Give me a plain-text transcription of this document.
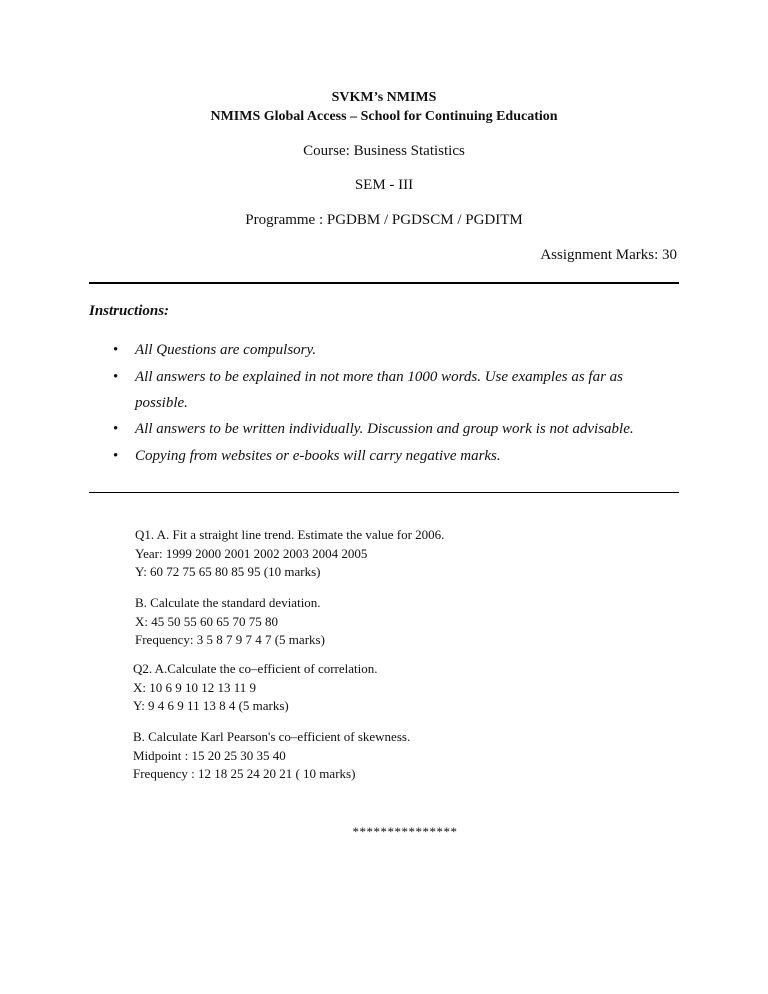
SVKM’s NMIMS
NMIMS Global Access – School for Continuing Education
Course: Business Statistics
SEM - III
Programme : PGDBM / PGDSCM / PGDITM
Assignment Marks: 30
Instructions:
• All Questions are compulsory.
• All answers to be explained in not more than 1000 words. Use examples as far as
possible.
• All answers to be written individually. Discussion and group work is not advisable.
• Copying from websites or e-books will carry negative marks.
Q1. A. Fit a straight line trend. Estimate the value for 2006.
Year: 1999 2000 2001 2002 2003 2004 2005
Y: 60 72 75 65 80 85 95 (10 marks)
B. Calculate the standard deviation.
X: 45 50 55 60 65 70 75 80
Frequency: 3 5 8 7 9 7 4 7 (5 marks)
Q2. A.Calculate the co–efficient of correlation.
X: 10 6 9 10 12 13 11 9
Y: 9 4 6 9 11 13 8 4 (5 marks)
B. Calculate Karl Pearson's co–efficient of skewness.
Midpoint : 15 20 25 30 35 40
Frequency : 12 18 25 24 20 21 ( 10 marks)
***************
